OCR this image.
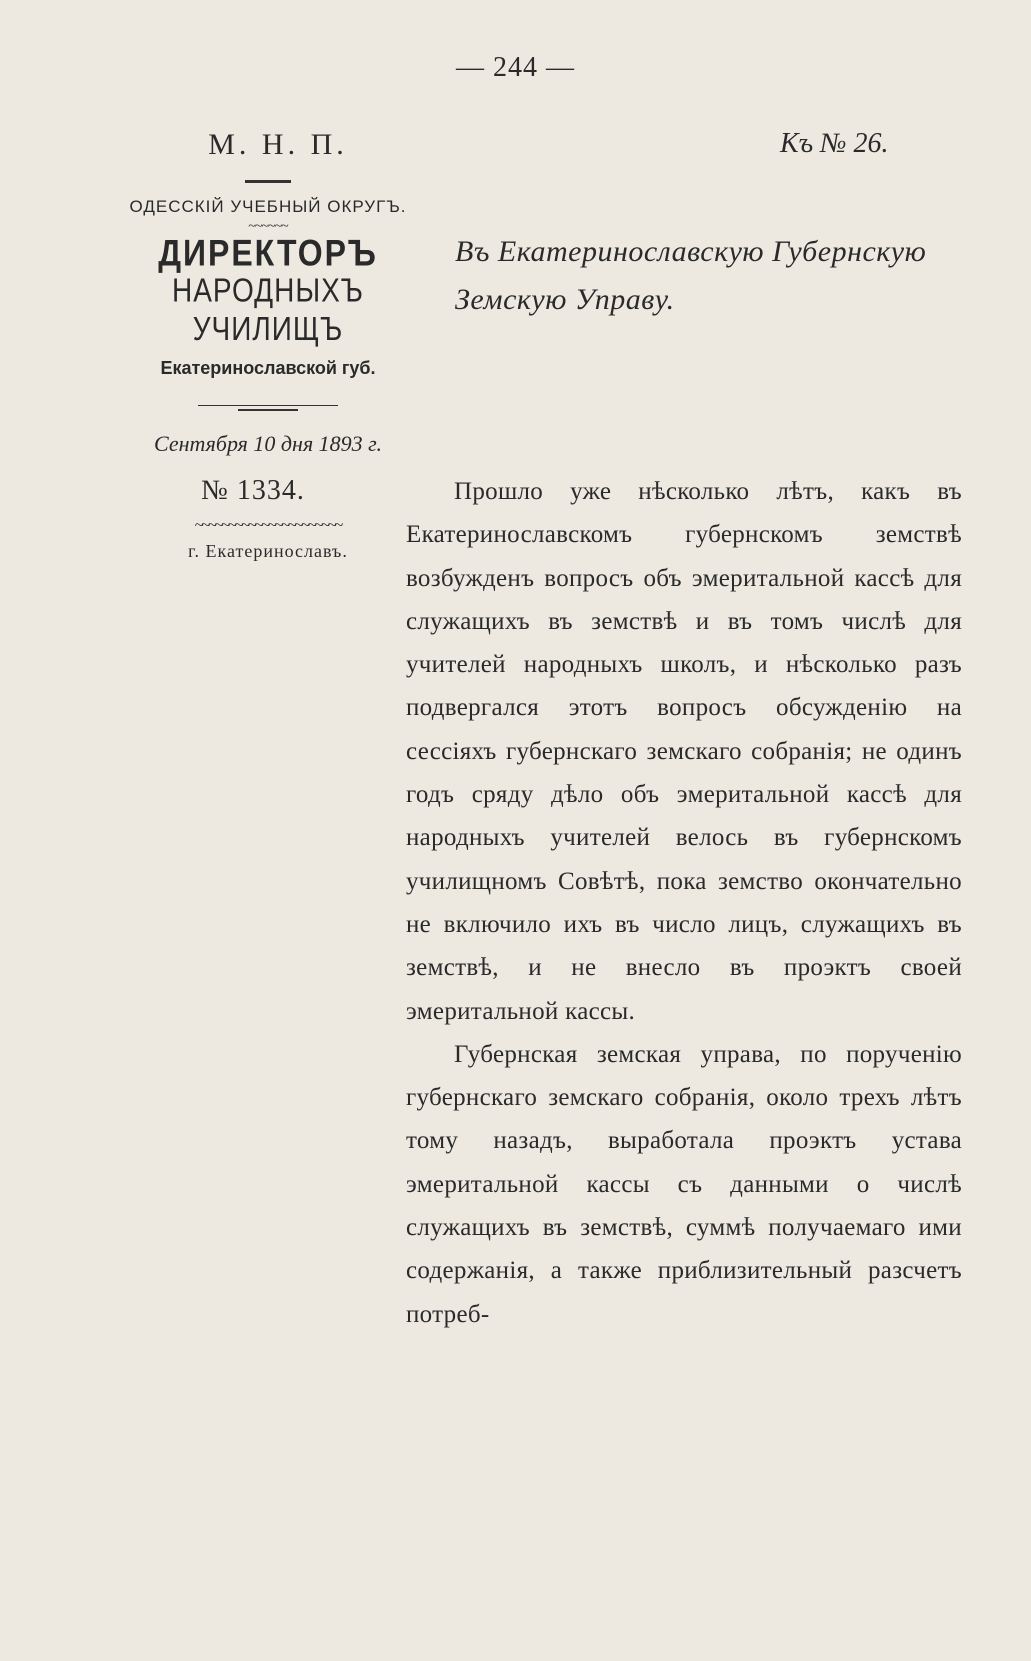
— 244 —
М. Н. П.
ОДЕССКІЙ УЧЕБНЫЙ ОКРУГЪ.
~~~~~~
ДИРЕКТОРЪ
НАРОДНЫХЪ УЧИЛИЩЪ
Екатеринославской губ.
Сентября 10 дня 1893 г.
№ 1334.
~~~~~~~~~~~~~~~~~~~~~~
г. Екатеринославъ.
Къ № 26.
Въ Екатеринославскую Губернскую Земскую Управу.

Прошло уже нѣсколько лѣтъ, какъ въ Екатеринославскомъ губернскомъ земствѣ возбужденъ вопросъ объ эмеритальной кассѣ для служащихъ въ земствѣ и въ томъ числѣ для учителей народныхъ школъ, и нѣсколько разъ подвергался этотъ вопросъ обсужденію на сессіяхъ губернскаго земскаго собранія; не одинъ годъ сряду дѣло объ эмеритальной кассѣ для народныхъ учителей велось въ губернскомъ училищномъ Совѣтѣ, пока земство окончательно не включило ихъ въ число лицъ, служащихъ въ земствѣ, и не внесло въ проэктъ своей эмеритальной кассы.

Губернская земская управа, по порученію губернскаго земскаго собранія, около трехъ лѣтъ тому назадъ, выработала проэктъ устава эмеритальной кассы съ данными о числѣ служащихъ въ земствѣ, суммѣ получаемаго ими содержанія, а также приблизительный разсчетъ потреб-
